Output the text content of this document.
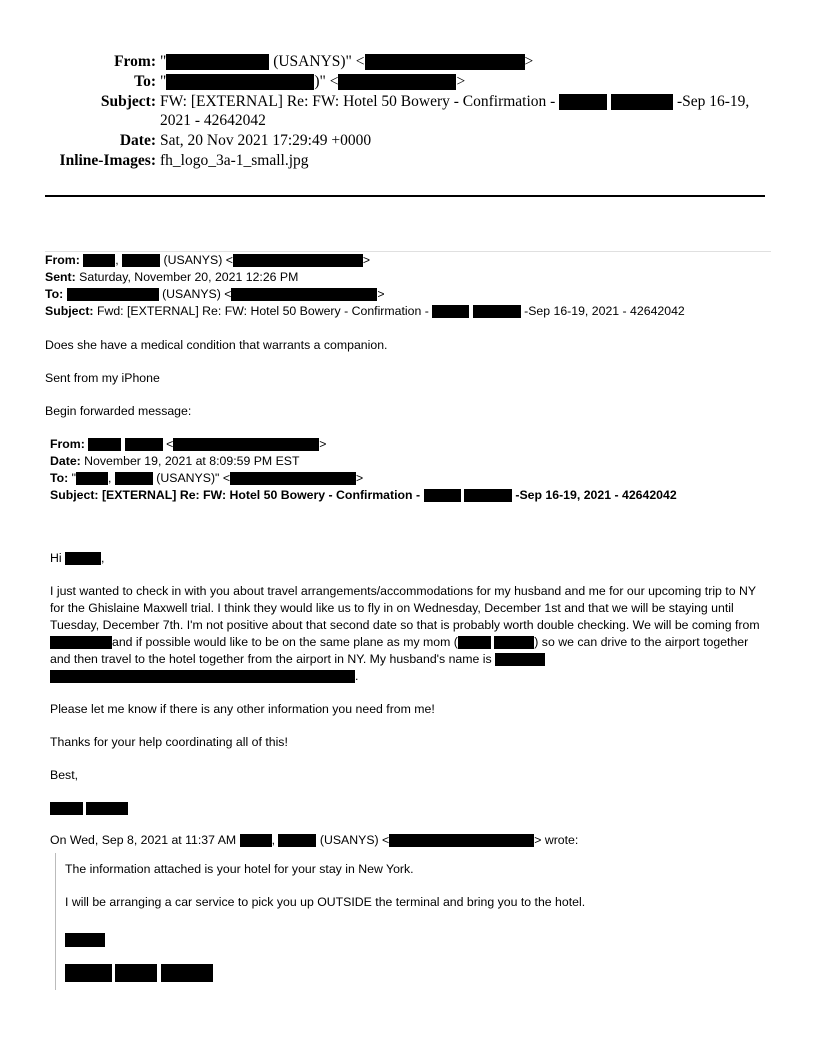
From: "	(USANYS)" <	>
To: "	)" <	>
Subject: FW: [EXTERNAL] Re: FW: Hotel 50 Bowery - Confirmation -	-Sep 16-19, 2021 - 42642042
Date: Sat, 20 Nov 2021 17:29:49 +0000
Inline-Images: fh_logo_3a-1_small.jpg
From:	,	(USANYS) <	>
Sent: Saturday, November 20, 2021 12:26 PM
To:	(USANYS) <	>
Subject: Fwd: [EXTERNAL] Re: FW: Hotel 50 Bowery - Confirmation -	-Sep 16-19, 2021 - 42642042

Does she have a medical condition that warrants a companion.

Sent from my iPhone

Begin forwarded message:

From:	<	>
Date: November 19, 2021 at 8:09:59 PM EST
To: "	,	(USANYS)" <	>
Subject: [EXTERNAL] Re: FW: Hotel 50 Bowery - Confirmation -	-Sep 16-19, 2021 - 42642042

Hi	,

I just wanted to check in with you about travel arrangements/accommodations for my husband and me for our upcoming trip to NY for the Ghislaine Maxwell trial. I think they would like us to fly in on Wednesday, December 1st and that we will be staying until Tuesday, December 7th. I'm not positive about that second date so that is probably worth double checking. We will be coming from and if possible would like to be on the same plane as my mom (	) so we can drive to the airport together and then travel to the hotel together from the airport in NY. My husband's name is  .

Please let me know if there is any other information you need from me!

Thanks for your help coordinating all of this!

Best,

On Wed, Sep 8, 2021 at 11:37 AM	,	(USANYS) <	> wrote:

The information attached is your hotel for your stay in New York.

I will be arranging a car service to pick you up OUTSIDE the terminal and bring you to the hotel.
